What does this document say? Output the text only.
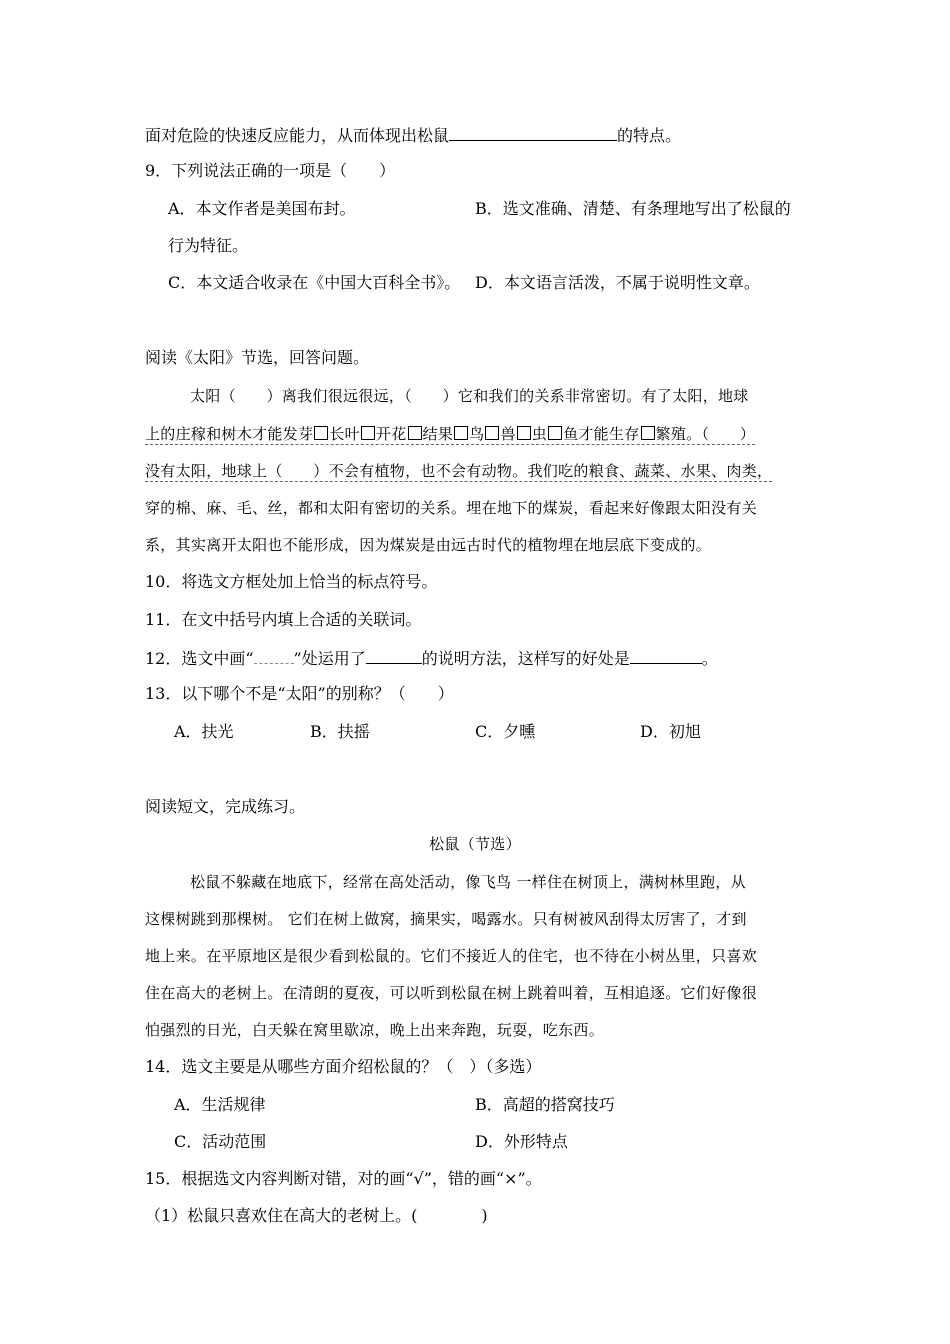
面对危险的快速反应能力，从而体现出松鼠	的特点。
9．下列说法正确的一项是（　　）
A．本文作者是美国布封。	B．选文准确、清楚、有条理地写出了松鼠的
行为特征。
C．本文适合收录在《中国大百科全书》。 D．本文语言活泼，不属于说明性文章。
阅读《太阳》节选，回答问题。
太阳（　　）离我们很远很远，（　　）它和我们的关系非常密切。有了太阳，地球
上的庄稼和树木才能发芽 长叶 开花 结果 鸟 兽 虫 鱼才能生存 繁殖。（　　）
没有太阳，地球上（　　）不会有植物，也不会有动物。我们吃的粮食、蔬菜、水果、肉类，
穿的棉、麻、毛、丝，都和太阳有密切的关系。埋在地下的煤炭，看起来好像跟太阳没有关
系，其实离开太阳也不能形成，因为煤炭是由远古时代的植物埋在地层底下变成的。
10．将选文方框处加上恰当的标点符号。
11．在文中括号内填上合适的关联词。
12．选文中画“	”处运用了	的说明方法，这样写的好处是	。
13．以下哪个不是“太阳”的别称？（　　）
A．扶光	B．扶摇	C．夕曛	D．初旭
阅读短文，完成练习。
松鼠（节选）
松鼠不躲藏在地底下，经常在高处活动，像飞鸟 一样住在树顶上，满树林里跑，从
这棵树跳到那棵树。 它们在树上做窝，摘果实，喝露水。只有树被风刮得太厉害了，才到
地上来。在平原地区是很少看到松鼠的。它们不接近人的住宅，也不待在小树丛里，只喜欢
住在高大的老树上。在清朗的夏夜，可以听到松鼠在树上跳着叫着，互相追逐。它们好像很
怕强烈的日光，白天躲在窝里歇凉，晚上出来奔跑，玩耍，吃东西。
14．选文主要是从哪些方面介绍松鼠的？（　）（多选）
A．生活规律	B．高超的搭窝技巧
C．活动范围	D．外形特点
15．根据选文内容判断对错，对的画“√”，错的画“×”。
（1）松鼠只喜欢住在高大的老树上。(　　　　)
